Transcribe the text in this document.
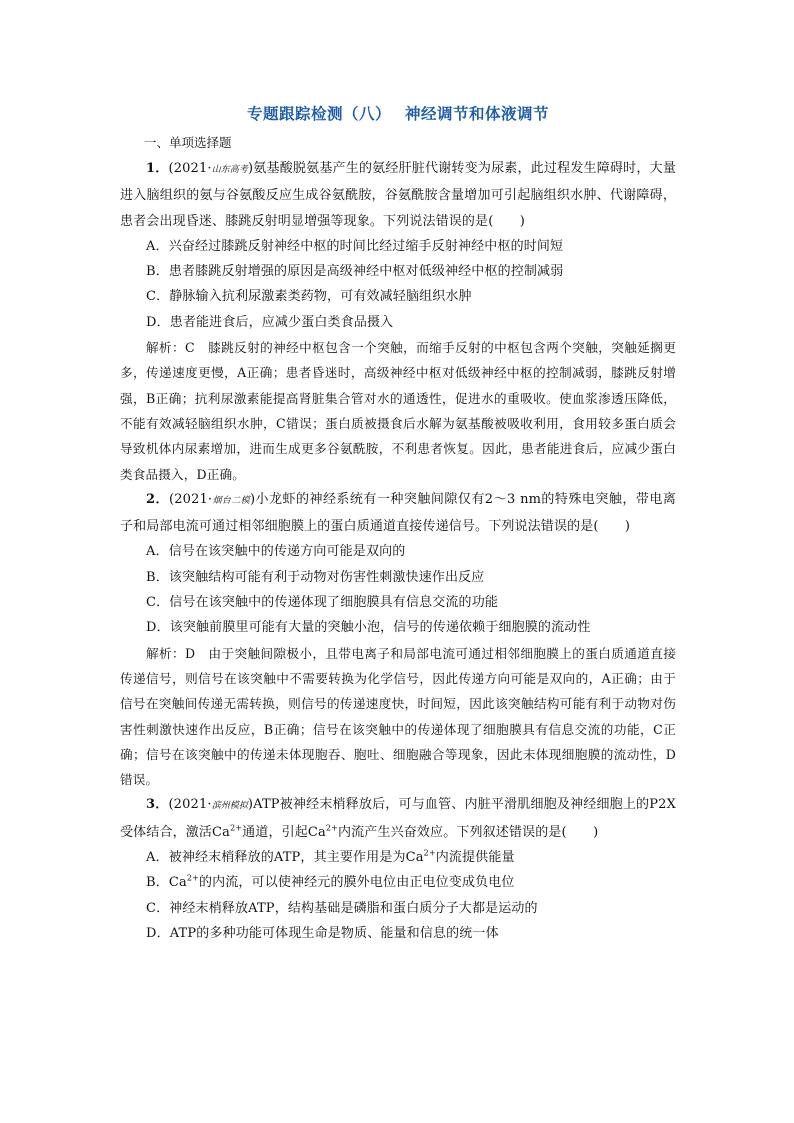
专题跟踪检测（八） 神经调节和体液调节
一、单项选择题

1．(2021·山东高考)氨基酸脱氨基产生的氨经肝脏代谢转变为尿素，此过程发生障碍时，大量进入脑组织的氨与谷氨酸反应生成谷氨酰胺，谷氨酰胺含量增加可引起脑组织水肿、代谢障碍，患者会出现昏迷、膝跳反射明显增强等现象。下列说法错误的是(　　)

A．兴奋经过膝跳反射神经中枢的时间比经过缩手反射神经中枢的时间短

B．患者膝跳反射增强的原因是高级神经中枢对低级神经中枢的控制减弱

C．静脉输入抗利尿激素类药物，可有效减轻脑组织水肿

D．患者能进食后，应减少蛋白类食品摄入

解析：C　膝跳反射的神经中枢包含一个突触，而缩手反射的中枢包含两个突触，突触延搁更多，传递速度更慢，A正确；患者昏迷时，高级神经中枢对低级神经中枢的控制减弱，膝跳反射增强，B正确；抗利尿激素能提高肾脏集合管对水的通透性，促进水的重吸收。使血浆渗透压降低，不能有效减轻脑组织水肿，C错误；蛋白质被摄食后水解为氨基酸被吸收利用，食用较多蛋白质会导致机体内尿素增加，进而生成更多谷氨酰胺，不利患者恢复。因此，患者能进食后，应减少蛋白类食品摄入，D正确。

2．(2021·烟台二模)小龙虾的神经系统有一种突触间隙仅有2～3 nm的特殊电突触，带电离子和局部电流可通过相邻细胞膜上的蛋白质通道直接传递信号。下列说法错误的是(　　)

A．信号在该突触中的传递方向可能是双向的

B．该突触结构可能有利于动物对伤害性刺激快速作出反应

C．信号在该突触中的传递体现了细胞膜具有信息交流的功能

D．该突触前膜里可能有大量的突触小泡，信号的传递依赖于细胞膜的流动性

解析：D　由于突触间隙极小，且带电离子和局部电流可通过相邻细胞膜上的蛋白质通道直接传递信号，则信号在该突触中不需要转换为化学信号，因此传递方向可能是双向的，A正确；由于信号在突触间传递无需转换，则信号的传递速度快，时间短，因此该突触结构可能有利于动物对伤害性刺激快速作出反应，B正确；信号在该突触中的传递体现了细胞膜具有信息交流的功能，C正确；信号在该突触中的传递未体现胞吞、胞吐、细胞融合等现象，因此未体现细胞膜的流动性，D错误。

3．(2021·滨州模拟)ATP被神经末梢释放后，可与血管、内脏平滑肌细胞及神经细胞上的P2X受体结合，激活$Ca^{2+}$通道，引起$Ca^{2+}$内流产生兴奋效应。下列叙述错误的是(　　)

A．被神经末梢释放的ATP，其主要作用是为$Ca^{2+}$内流提供能量

B．$Ca^{2+}$的内流，可以使神经元的膜外电位由正电位变成负电位

C．神经末梢释放ATP，结构基础是磷脂和蛋白质分子大都是运动的

D．ATP的多种功能可体现生命是物质、能量和信息的统一体
